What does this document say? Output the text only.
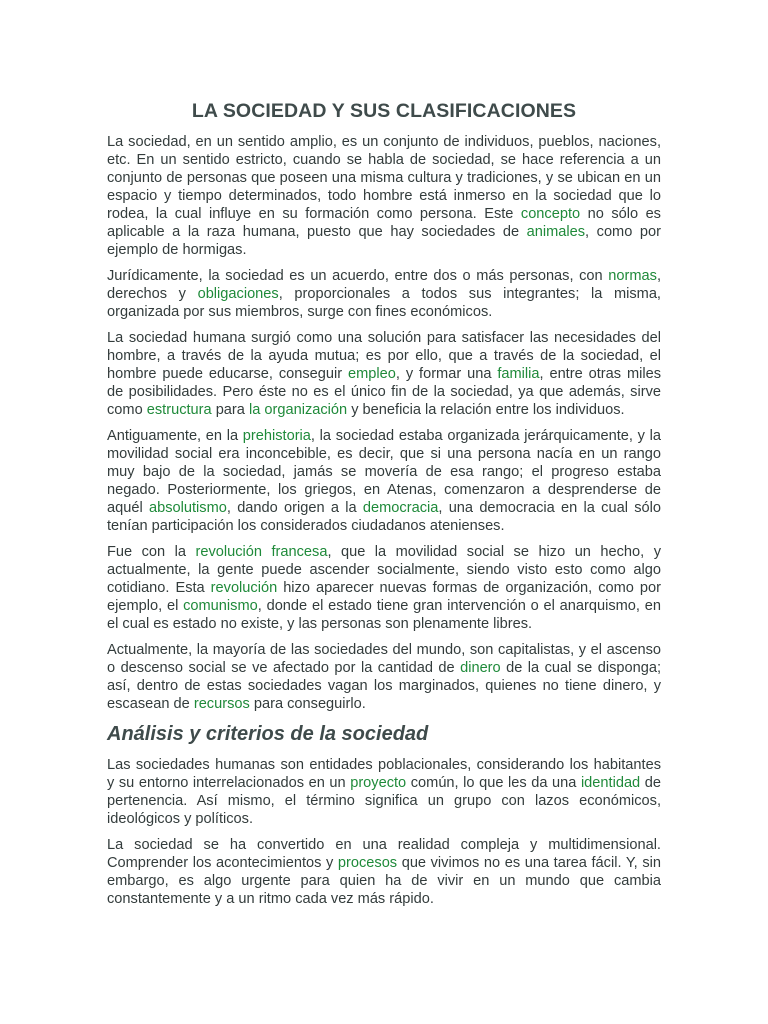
LA SOCIEDAD Y SUS CLASIFICACIONES

La sociedad, en un sentido amplio, es un conjunto de individuos, pueblos, naciones, etc. En un sentido estricto, cuando se habla de sociedad, se hace referencia a un conjunto de personas que poseen una misma cultura y tradiciones, y se ubican en un espacio y tiempo determinados, todo hombre está inmerso en la sociedad que lo rodea, la cual influye en su formación como persona. Este concepto no sólo es aplicable a la raza humana, puesto que hay sociedades de animales, como por ejemplo de hormigas.

Jurídicamente, la sociedad es un acuerdo, entre dos o más personas, con normas, derechos y obligaciones, proporcionales a todos sus integrantes; la misma, organizada por sus miembros, surge con fines económicos.

La sociedad humana surgió como una solución para satisfacer las necesidades del hombre, a través de la ayuda mutua; es por ello, que a través de la sociedad, el hombre puede educarse, conseguir empleo, y formar una familia, entre otras miles de posibilidades. Pero éste no es el único fin de la sociedad, ya que además, sirve como estructura para la organización y beneficia la relación entre los individuos.

Antiguamente, en la prehistoria, la sociedad estaba organizada jerárquicamente, y la movilidad social era inconcebible, es decir, que si una persona nacía en un rango muy bajo de la sociedad, jamás se movería de esa rango; el progreso estaba negado. Posteriormente, los griegos, en Atenas, comenzaron a desprenderse de aquél absolutismo, dando origen a la democracia, una democracia en la cual sólo tenían participación los considerados ciudadanos atenienses.

Fue con la revolución francesa, que la movilidad social se hizo un hecho, y actualmente, la gente puede ascender socialmente, siendo visto esto como algo cotidiano. Esta revolución hizo aparecer nuevas formas de organización, como por ejemplo, el comunismo, donde el estado tiene gran intervención o el anarquismo, en el cual es estado no existe, y las personas son plenamente libres.

Actualmente, la mayoría de las sociedades del mundo, son capitalistas, y el ascenso o descenso social se ve afectado por la cantidad de dinero de la cual se disponga; así, dentro de estas sociedades vagan los marginados, quienes no tiene dinero, y escasean de recursos para conseguirlo.

Análisis y criterios de la sociedad

Las sociedades humanas son entidades poblacionales, considerando los habitantes y su entorno interrelacionados en un proyecto común, lo que les da una identidad de pertenencia. Así mismo, el término significa un grupo con lazos económicos, ideológicos y políticos.

La sociedad se ha convertido en una realidad compleja y multidimensional. Comprender los acontecimientos y procesos que vivimos no es una tarea fácil. Y, sin embargo, es algo urgente para quien ha de vivir en un mundo que cambia constantemente y a un ritmo cada vez más rápido.
